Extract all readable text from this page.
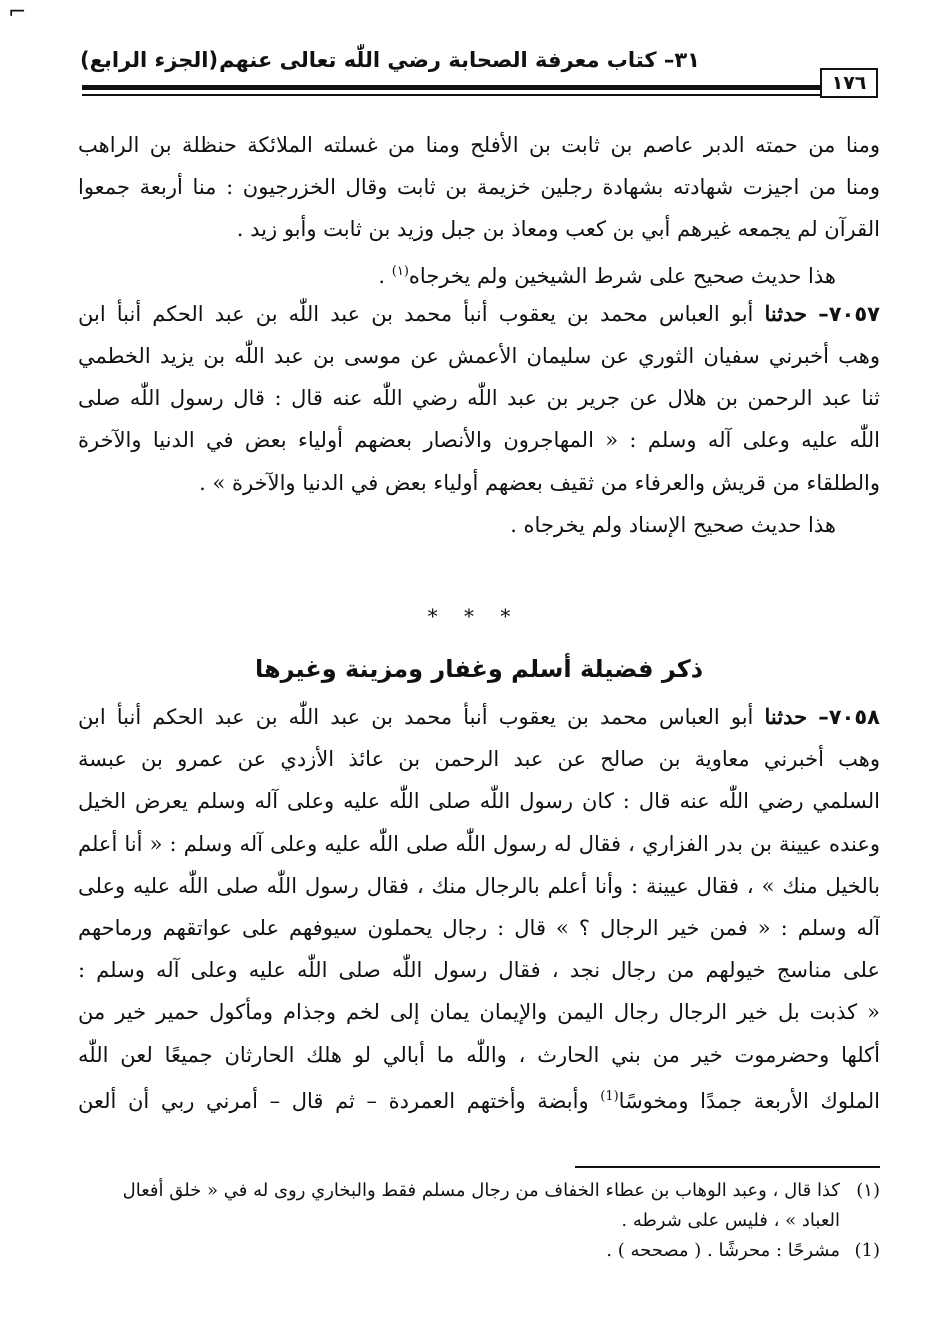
⌐
٣١– كتاب معرفة الصحابة رضي اللّٰه تعالى عنهم
(الجزء الرابع)
١٧٦
ومنا من حمته الدبر عاصم بن ثابت بن الأفلح ومنا من غسلته الملائكة حنظلة بن الراهب
ومنا من اجيزت شهادته بشهادة رجلين خزيمة بن ثابت وقال الخزرجيون : منا أربعة جمعوا
القرآن لم يجمعه غيرهم أبي بن كعب ومعاذ بن جبل وزيد بن ثابت وأبو زيد .
هذا حديث صحيح على شرط الشيخين ولم يخرجاه$^{(١)}$ .
٧٠٥٧– حدثنا أبو العباس محمد بن يعقوب أنبأ محمد بن عبد اللّٰه بن عبد الحكم أنبأ ابن
وهب أخبرني سفيان الثوري عن سليمان الأعمش عن موسى بن عبد اللّٰه بن يزيد الخطمي
ثنا عبد الرحمن بن هلال عن جرير بن عبد اللّٰه رضي اللّٰه عنه قال : قال رسول اللّٰه صلى
اللّٰه عليه وعلى آله وسلم : « المهاجرون والأنصار بعضهم أولياء بعض في الدنيا والآخرة
والطلقاء من قريش والعرفاء من ثقيف بعضهم أولياء بعض في الدنيا والآخرة » .
هذا حديث صحيح الإسناد ولم يخرجاه .
* * *
ذكر فضيلة أسلم وغفار ومزينة وغيرها
٧٠٥٨– حدثنا أبو العباس محمد بن يعقوب أنبأ محمد بن عبد اللّٰه بن عبد الحكم أنبأ ابن
وهب أخبرني معاوية بن صالح عن عبد الرحمن بن عائذ الأزدي عن عمرو بن عبسة
السلمي رضي اللّٰه عنه قال : كان رسول اللّٰه صلى اللّٰه عليه وعلى آله وسلم يعرض الخيل
وعنده عيينة بن بدر الفزاري ، فقال له رسول اللّٰه صلى اللّٰه عليه وعلى آله وسلم : « أنا أعلم
بالخيل منك » ، فقال عيينة : وأنا أعلم بالرجال منك ، فقال رسول اللّٰه صلى اللّٰه عليه وعلى
آله وسلم : « فمن خير الرجال ؟ » قال : رجال يحملون سيوفهم على عواتقهم ورماحهم
على مناسج خيولهم من رجال نجد ، فقال رسول اللّٰه صلى اللّٰه عليه وعلى آله وسلم :
« كذبت بل خير الرجال رجال اليمن والإيمان يمان إلى لخم وجذام ومأكول حمير خير من
أكلها وحضرموت خير من بني الحارث ، واللّٰه ما أبالي لو هلك الحارثان جميعًا لعن اللّٰه
الملوك الأربعة جمدًا ومخوسًا$^{(1)}$ وأبضة وأختهم العمردة – ثم قال – أمرني ربي أن ألعن
(١)كذا قال ، وعبد الوهاب بن عطاء الخفاف من رجال مسلم فقط والبخاري روى له في « خلق أفعال
العباد » ، فليس على شرطه .
(1)مشرحًا : محرشًا . ( مصححه ) .
